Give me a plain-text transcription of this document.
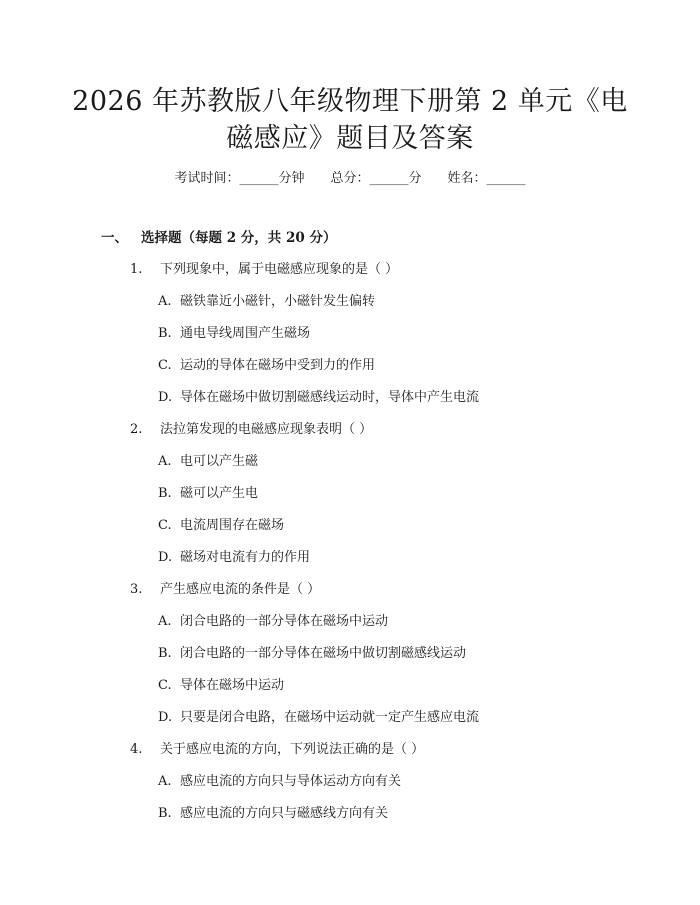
2026 年苏教版八年级物理下册第 2 单元《电
磁感应》题目及答案
考试时间：______分钟　　总分：______分　　姓名：______
一、 选择题（每题 2 分，共 20 分）
1. 下列现象中，属于电磁感应现象的是（ ）
A. 磁铁靠近小磁针，小磁针发生偏转
B. 通电导线周围产生磁场
C. 运动的导体在磁场中受到力的作用
D. 导体在磁场中做切割磁感线运动时，导体中产生电流
2. 法拉第发现的电磁感应现象表明（ ）
A. 电可以产生磁
B. 磁可以产生电
C. 电流周围存在磁场
D. 磁场对电流有力的作用
3. 产生感应电流的条件是（ ）
A. 闭合电路的一部分导体在磁场中运动
B. 闭合电路的一部分导体在磁场中做切割磁感线运动
C. 导体在磁场中运动
D. 只要是闭合电路，在磁场中运动就一定产生感应电流
4. 关于感应电流的方向，下列说法正确的是（ ）
A. 感应电流的方向只与导体运动方向有关
B. 感应电流的方向只与磁感线方向有关
